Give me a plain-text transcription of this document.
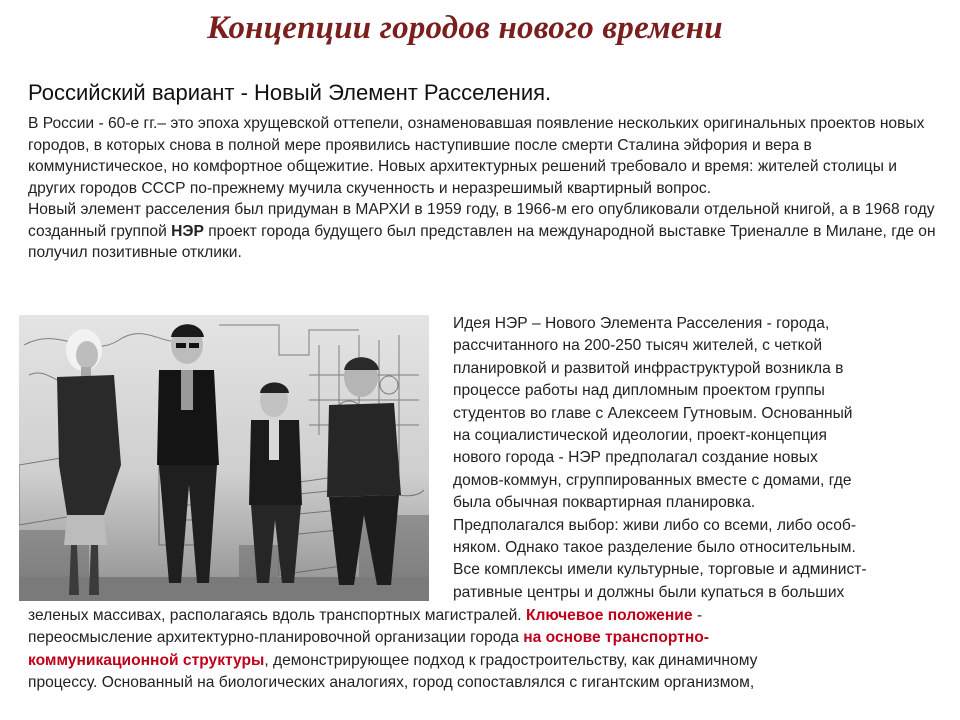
Концепции городов нового времени
Российский вариант - Новый Элемент Расселения.

В России - 60-е гг.– это эпоха хрущевской оттепели, ознаменовавшая появление нескольких оригинальных проектов новых городов, в которых снова в полной мере проявились наступившие после смерти Сталина эйфория и вера в коммунистическое, но комфортное общежитие. Новых архитектурных решений требовало и время: жителей столицы и других городов СССР по-прежнему мучила скученность и неразрешимый квартирный вопрос.

Новый элемент расселения был придуман в МАРХИ в 1959 году, в 1966-м его опубликовали отдельной книгой, а в 1968 году созданный группой НЭР проект города будущего был представлен на международной выставке Триеналле в Милане, где он получил позитивные отклики.

Идея НЭР – Нового Элемента Расселения - города,
рассчитанного на 200-250 тысяч жителей, с четкой
планировкой и развитой инфраструктурой возникла в
процессе работы над дипломным проектом группы
студентов во главе с Алексеем Гутновым. Основанный
на социалистической идеологии, проект-концепция
нового города - НЭР предполагал создание новых
домов-коммун, сгруппированных вместе с домами, где
была обычная поквартирная планировка.
Предполагался выбор: живи либо со всеми, либо особ-
няком. Однако такое разделение было относительным.
Все комплексы имели культурные, торговые и админист-
ративные центры и должны были купаться в больших
зеленых массивах, располагаясь вдоль транспортных магистралей. Ключевое положение -
переосмысление архитектурно-планировочной организации города на основе транспортно-
коммуникационной структуры, демонстрирующее подход к градостроительству, как динамичному
процессу. Основанный на биологических аналогиях, город сопоставлялся с гигантским организмом,
